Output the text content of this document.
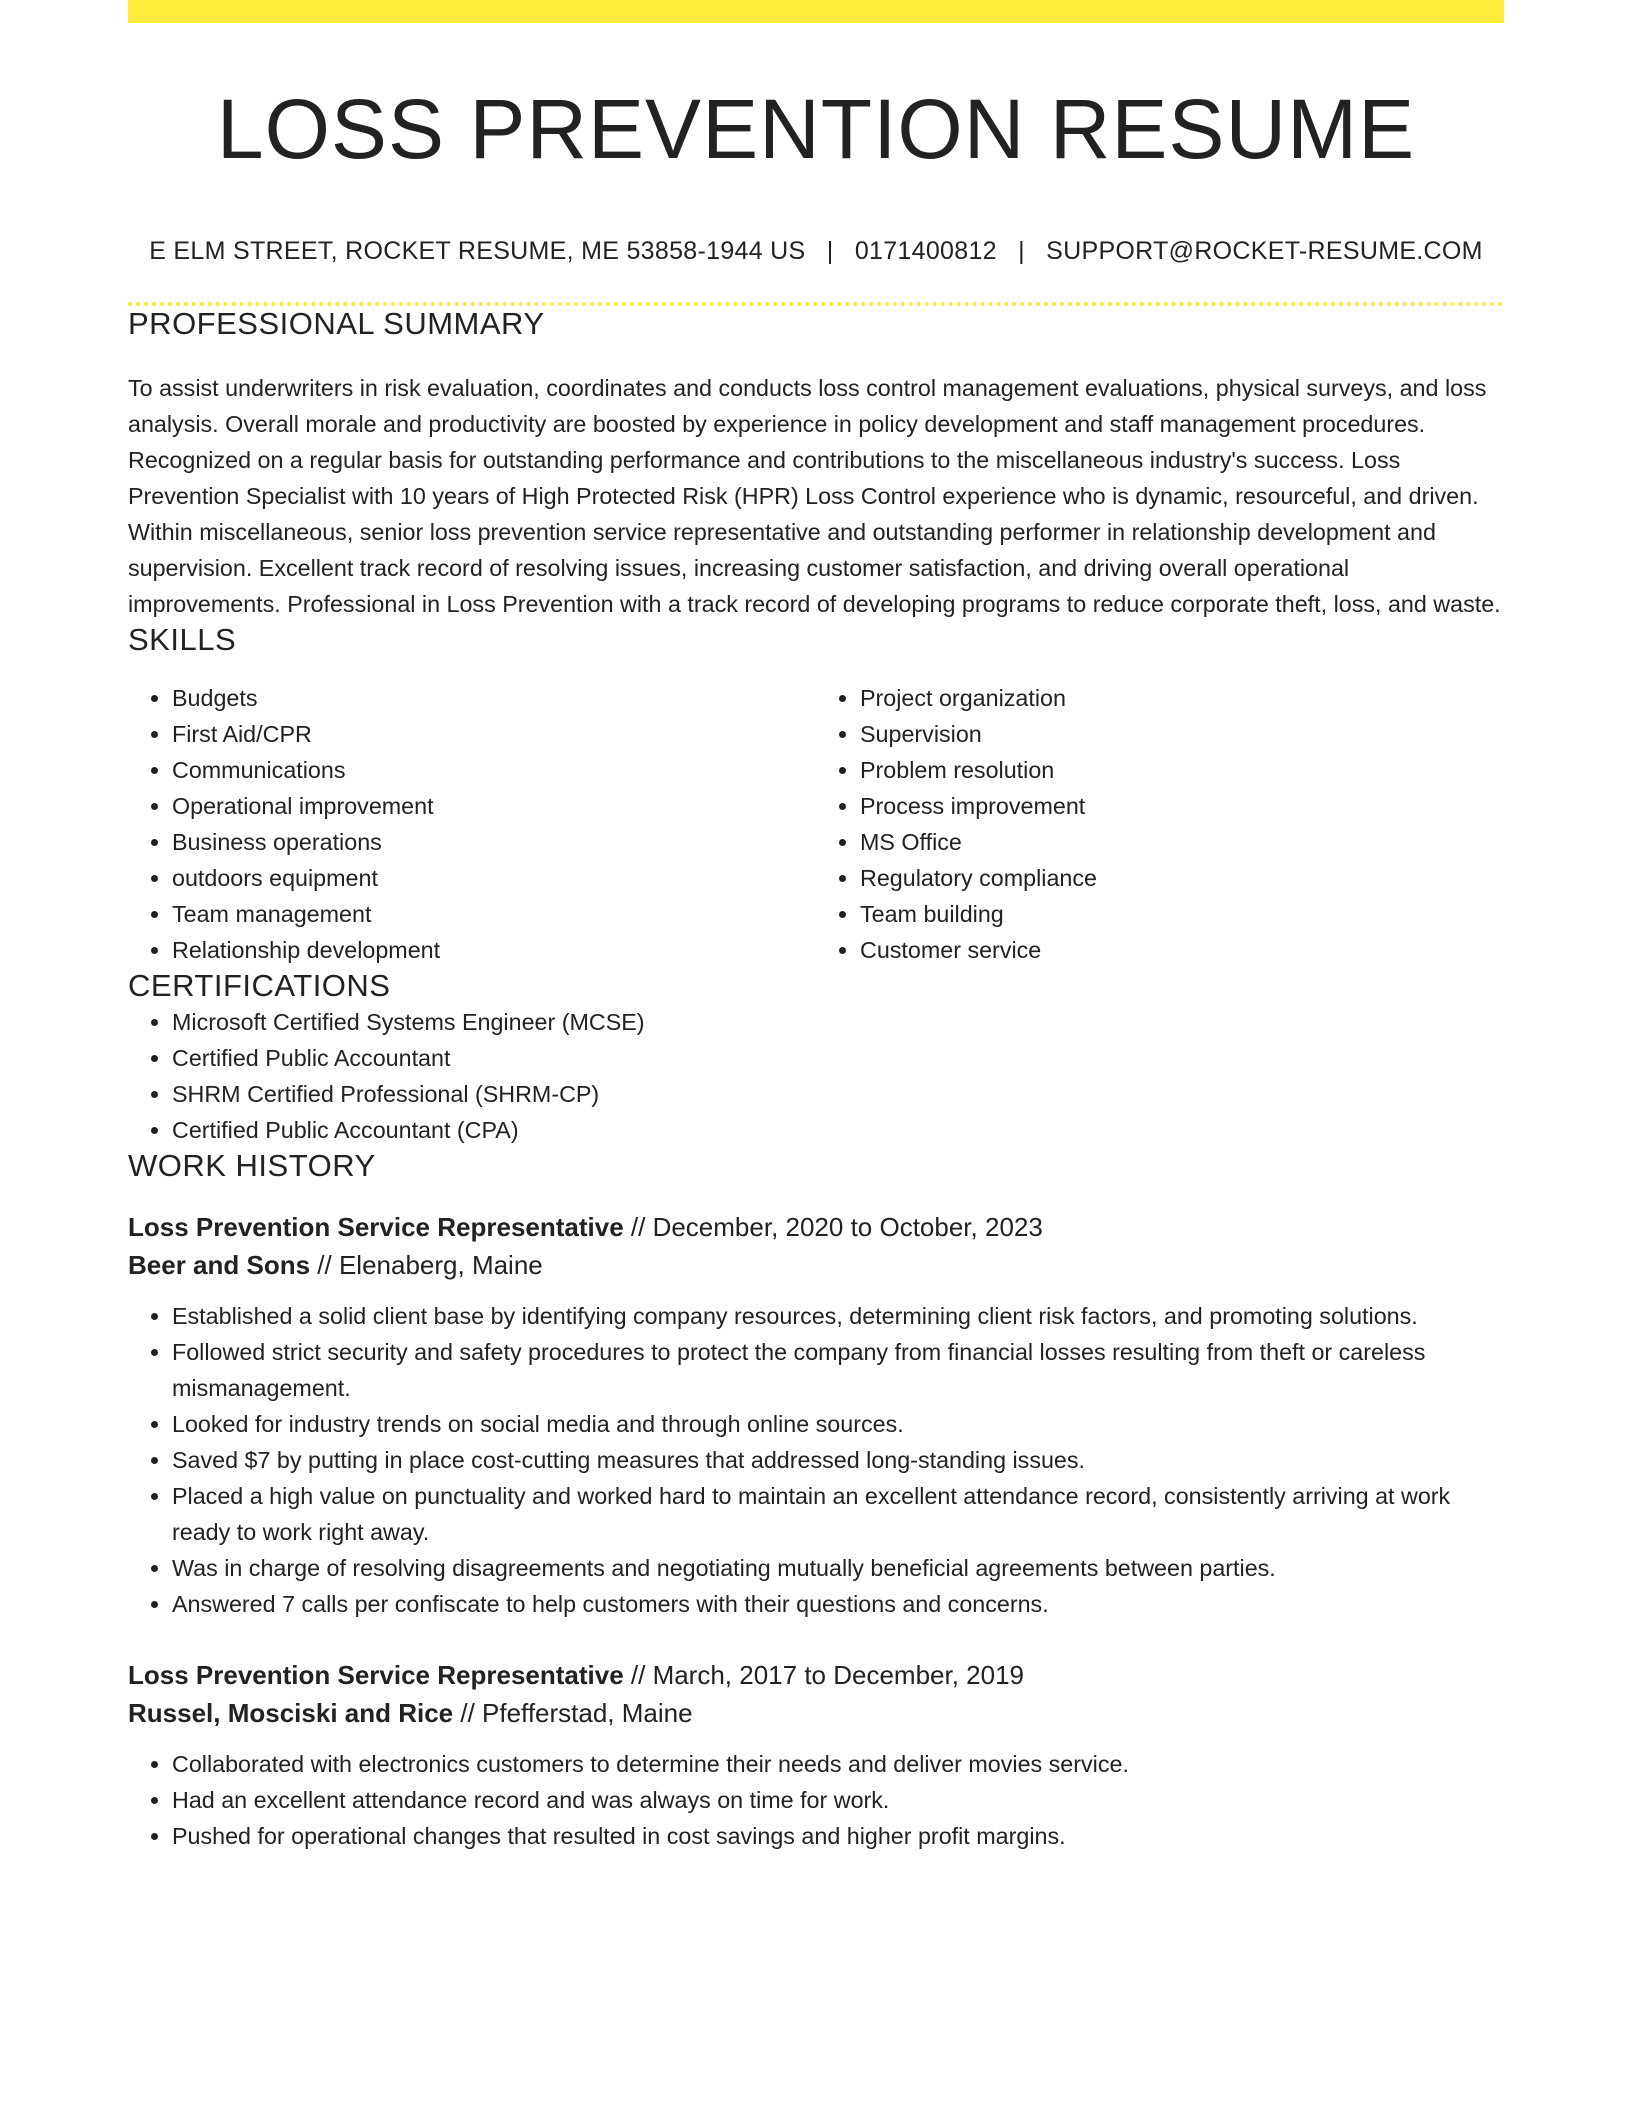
LOSS PREVENTION RESUME
E ELM STREET, ROCKET RESUME, ME 53858-1944 US | 0171400812 | SUPPORT@ROCKET-RESUME.COM
PROFESSIONAL SUMMARY
To assist underwriters in risk evaluation, coordinates and conducts loss control management evaluations, physical surveys, and loss analysis. Overall morale and productivity are boosted by experience in policy development and staff management procedures. Recognized on a regular basis for outstanding performance and contributions to the miscellaneous industry's success. Loss Prevention Specialist with 10 years of High Protected Risk (HPR) Loss Control experience who is dynamic, resourceful, and driven. Within miscellaneous, senior loss prevention service representative and outstanding performer in relationship development and supervision. Excellent track record of resolving issues, increasing customer satisfaction, and driving overall operational improvements. Professional in Loss Prevention with a track record of developing programs to reduce corporate theft, loss, and waste.
SKILLS
• Budgets
• First Aid/CPR
• Communications
• Operational improvement
• Business operations
• outdoors equipment
• Team management
• Relationship development
• Project organization
• Supervision
• Problem resolution
• Process improvement
• MS Office
• Regulatory compliance
• Team building
• Customer service
CERTIFICATIONS
• Microsoft Certified Systems Engineer (MCSE)
• Certified Public Accountant
• SHRM Certified Professional (SHRM-CP)
• Certified Public Accountant (CPA)
WORK HISTORY
Loss Prevention Service Representative // December, 2020 to October, 2023
Beer and Sons // Elenaberg, Maine
• Established a solid client base by identifying company resources, determining client risk factors, and promoting solutions.
• Followed strict security and safety procedures to protect the company from financial losses resulting from theft or careless mismanagement.
• Looked for industry trends on social media and through online sources.
• Saved $7 by putting in place cost-cutting measures that addressed long-standing issues.
• Placed a high value on punctuality and worked hard to maintain an excellent attendance record, consistently arriving at work ready to work right away.
• Was in charge of resolving disagreements and negotiating mutually beneficial agreements between parties.
• Answered 7 calls per confiscate to help customers with their questions and concerns.
Loss Prevention Service Representative // March, 2017 to December, 2019
Russel, Mosciski and Rice // Pfefferstad, Maine
• Collaborated with electronics customers to determine their needs and deliver movies service.
• Had an excellent attendance record and was always on time for work.
• Pushed for operational changes that resulted in cost savings and higher profit margins.
